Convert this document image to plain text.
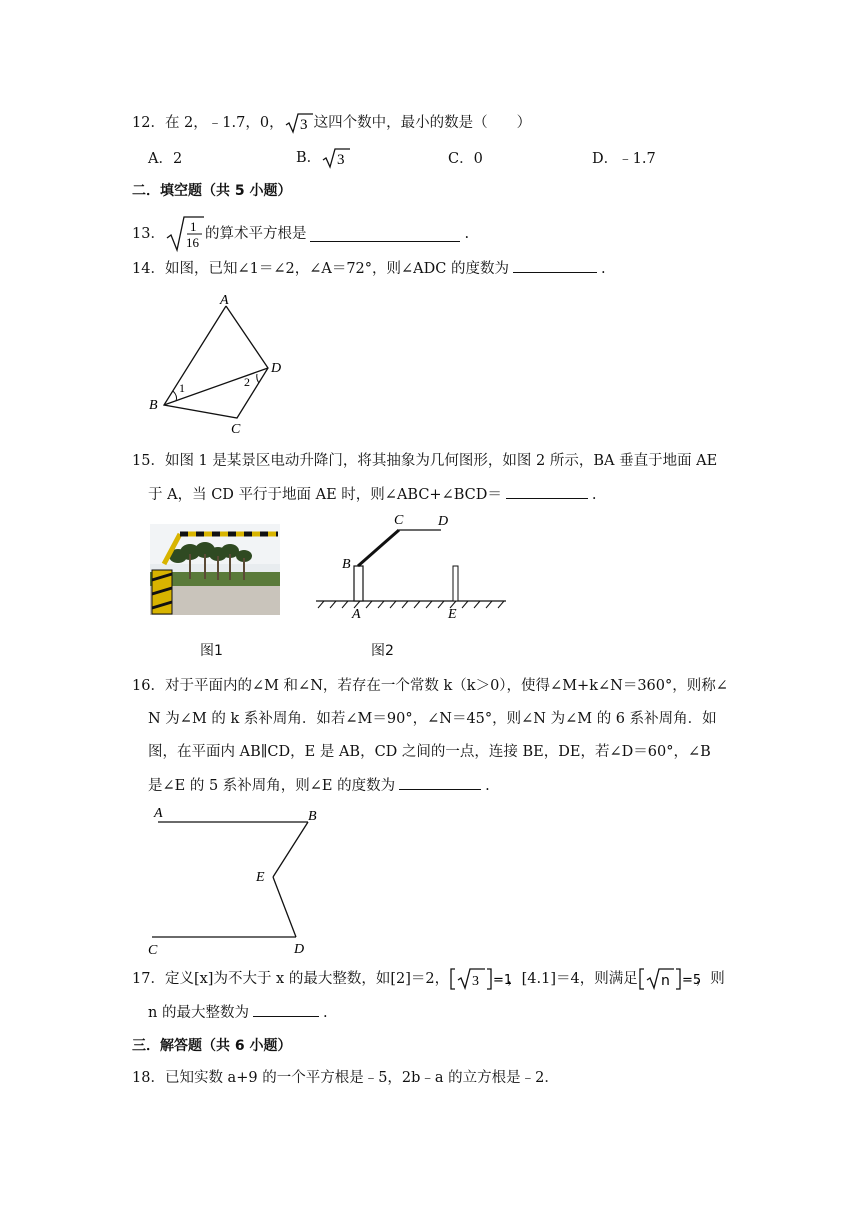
12．在 2，﹣1.7，0， 3 这四个数中，最小的数是（　　）
A．2	B． 3	C．0	D．﹣1.7
二．填空题（共 5 小题）
13． 1
16
的算术平方根是	.
14．如图，已知∠1＝∠2，∠A＝72°，则∠ADC 的度数为	.
A
D
B
C
1	2
15．如图 1 是某景区电动升降门，将其抽象为几何图形，如图 2 所示，BA 垂直于地面 AE
于 A，当 CD 平行于地面 AE 时，则∠ABC+∠BCD＝	.
图1
B
C D
A	E
图2
16．对于平面内的∠M 和∠N，若存在一个常数 k（k＞0），使得∠M+k∠N＝360°，则称∠
N 为∠M 的 k 系补周角．如若∠M＝90°，∠N＝45°，则∠N 为∠M 的 6 系补周角．如
图，在平面内 AB∥CD，E 是 AB，CD 之间的一点，连接 BE，DE，若∠D＝60°，∠B
是∠E 的 5 系补周角，则∠E 的度数为	.
A	B
E
C	D
17．定义[x]为不大于 x 的最大整数，如[2]＝2， 3 =1
，[4.1]＝4，则满足 n =5
，则
n 的最大整数为	.
三．解答题（共 6 小题）
18．已知实数 a+9 的一个平方根是﹣5，2b﹣a 的立方根是﹣2．
